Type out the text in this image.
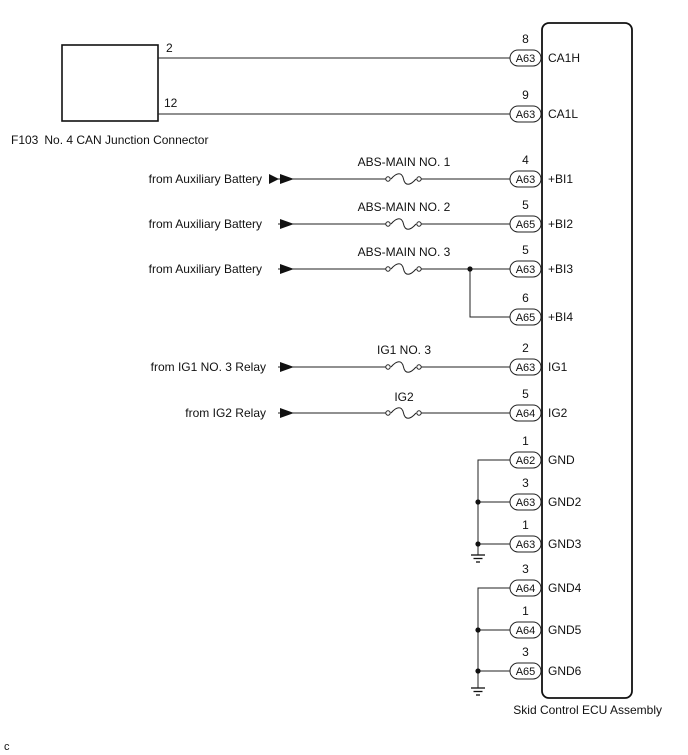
2
12
F103 No. 4 CAN Junction Connector
Skid Control ECU Assembly
from Auxiliary Battery
from Auxiliary Battery
from Auxiliary Battery
from IG1 NO. 3 Relay
from IG2 Relay
ABS-MAIN NO. 1
ABS-MAIN NO. 2
ABS-MAIN NO. 3
IG1 NO. 3
IG2
A63
8
CA1H
A63
9
CA1L
A63
4
+BI1
A65
5
+BI2
A63
5
+BI3
A65
6
+BI4
A63
2
IG1
A64
5
IG2
A62
1
GND
A63
3
GND2
A63
1
GND3
A64
3
GND4
A64
1
GND5
A65
3
GND6
c
